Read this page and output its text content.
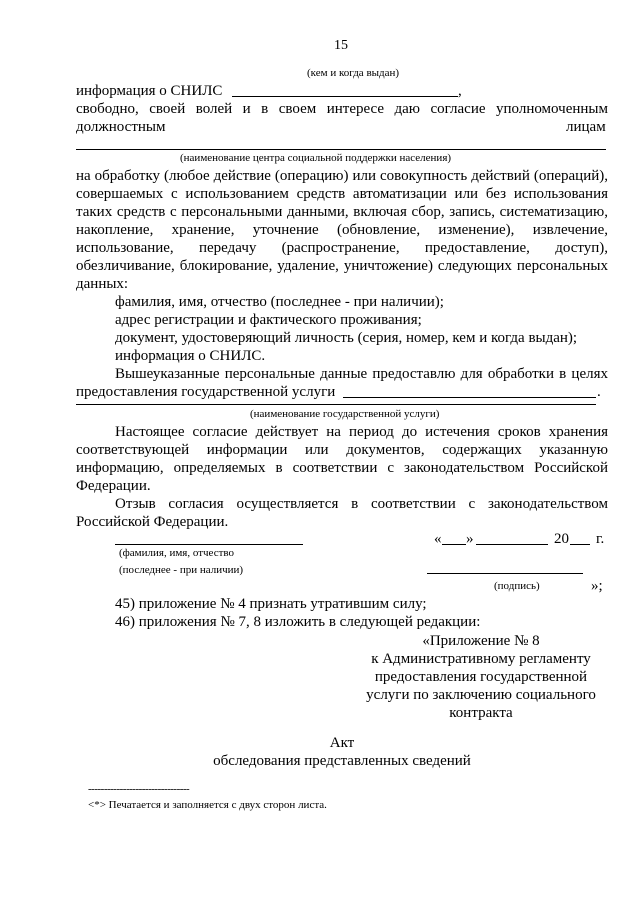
15
(кем и когда выдан)
информация о СНИЛС	,
свободно, своей волей и в своем интересе даю согласие уполномоченным
должностным	лицам
(наименование центра социальной поддержки населения)
на обработку (любое действие (операцию) или совокупность действий (операций),
совершаемых с использованием средств автоматизации или без использования
таких средств с персональными данными, включая сбор, запись, систематизацию,
накопление, хранение, уточнение (обновление, изменение), извлечение,
использование, передачу (распространение, предоставление, доступ),
обезличивание, блокирование, удаление, уничтожение) следующих персональных
данных:
фамилия, имя, отчество (последнее - при наличии);
адрес регистрации и фактического проживания;
документ, удостоверяющий личность (серия, номер, кем и когда выдан);
информация о СНИЛС.
Вышеуказанные персональные данные предоставлю для обработки в целях
предоставления государственной услуги	.
(наименование государственной услуги)
Настоящее согласие действует на период до истечения сроков хранения
соответствующей информации или документов, содержащих указанную
информацию, определяемых в соответствии с законодательством Российской
Федерации.
Отзыв согласия осуществляется в соответствии с законодательством
Российской Федерации.
« »	20 г.
(фамилия, имя, отчество
(последнее - при наличии)
(подпись)	»;
45) приложение № 4 признать утратившим силу;
46) приложения № 7, 8 изложить в следующей редакции:
«Приложение № 8
к Административному регламенту
предоставления государственной
услуги по заключению социального
контракта
Акт
обследования представленных сведений
--------------------------------
<*> Печатается и заполняется с двух сторон листа.
